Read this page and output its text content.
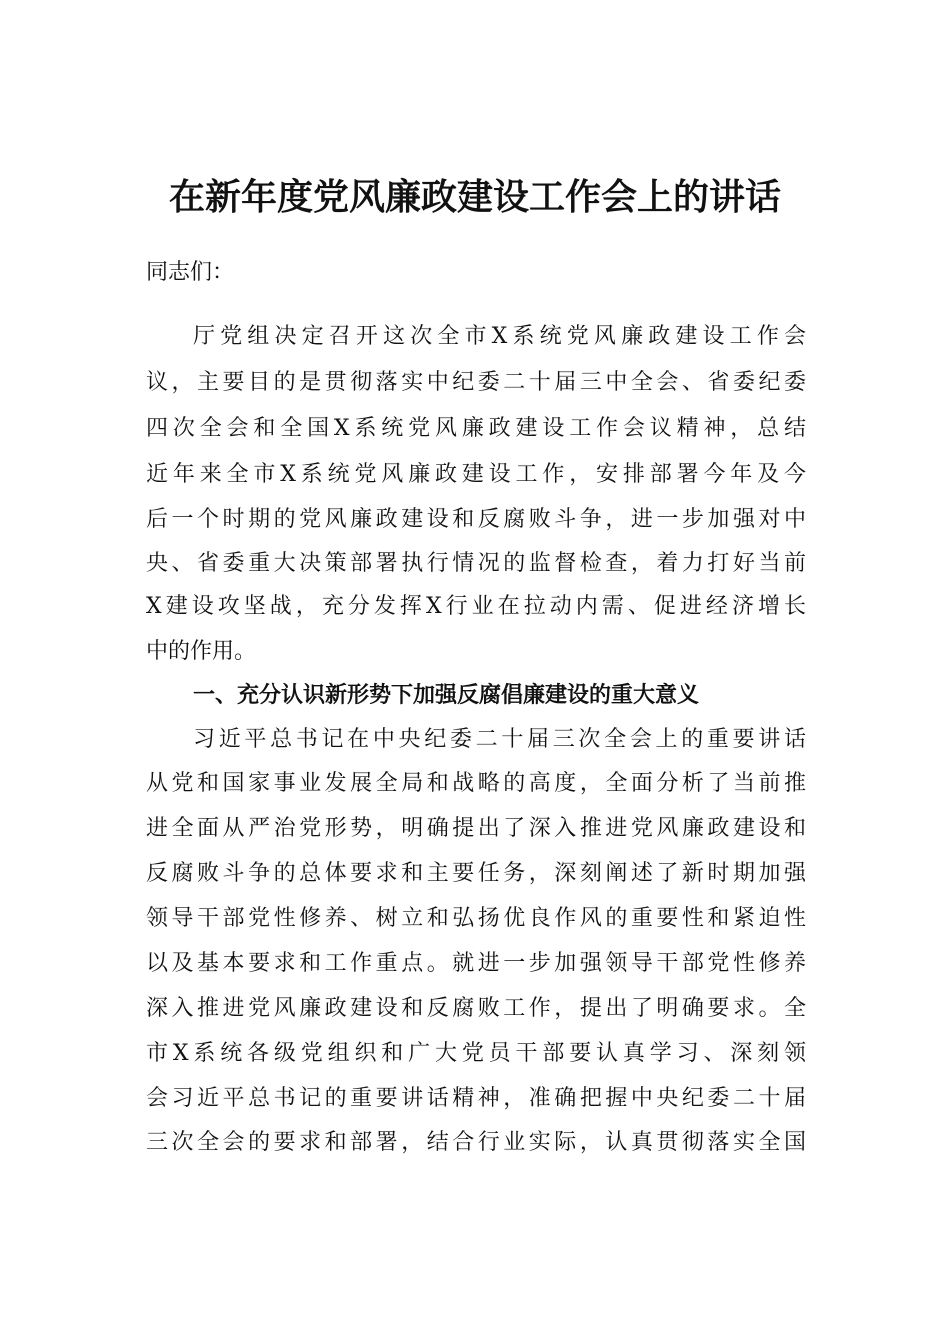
在新年度党风廉政建设工作会上的讲话
同志们：
厅党组决定召开这次全市X系统党风廉政建设工作会
议，主要目的是贯彻落实中纪委二十届三中全会、省委纪委
四次全会和全国X系统党风廉政建设工作会议精神，总结
近年来全市X系统党风廉政建设工作，安排部署今年及今
后一个时期的党风廉政建设和反腐败斗争，进一步加强对中
央、省委重大决策部署执行情况的监督检查，着力打好当前
X建设攻坚战，充分发挥X行业在拉动内需、促进经济增长
中的作用。
一、充分认识新形势下加强反腐倡廉建设的重大意义
习近平总书记在中央纪委二十届三次全会上的重要讲话
从党和国家事业发展全局和战略的高度，全面分析了当前推
进全面从严治党形势，明确提出了深入推进党风廉政建设和
反腐败斗争的总体要求和主要任务，深刻阐述了新时期加强
领导干部党性修养、树立和弘扬优良作风的重要性和紧迫性
以及基本要求和工作重点。就进一步加强领导干部党性修养
深入推进党风廉政建设和反腐败工作，提出了明确要求。全
市X系统各级党组织和广大党员干部要认真学习、深刻领
会习近平总书记的重要讲话精神，准确把握中央纪委二十届
三次全会的要求和部署，结合行业实际，认真贯彻落实全国
